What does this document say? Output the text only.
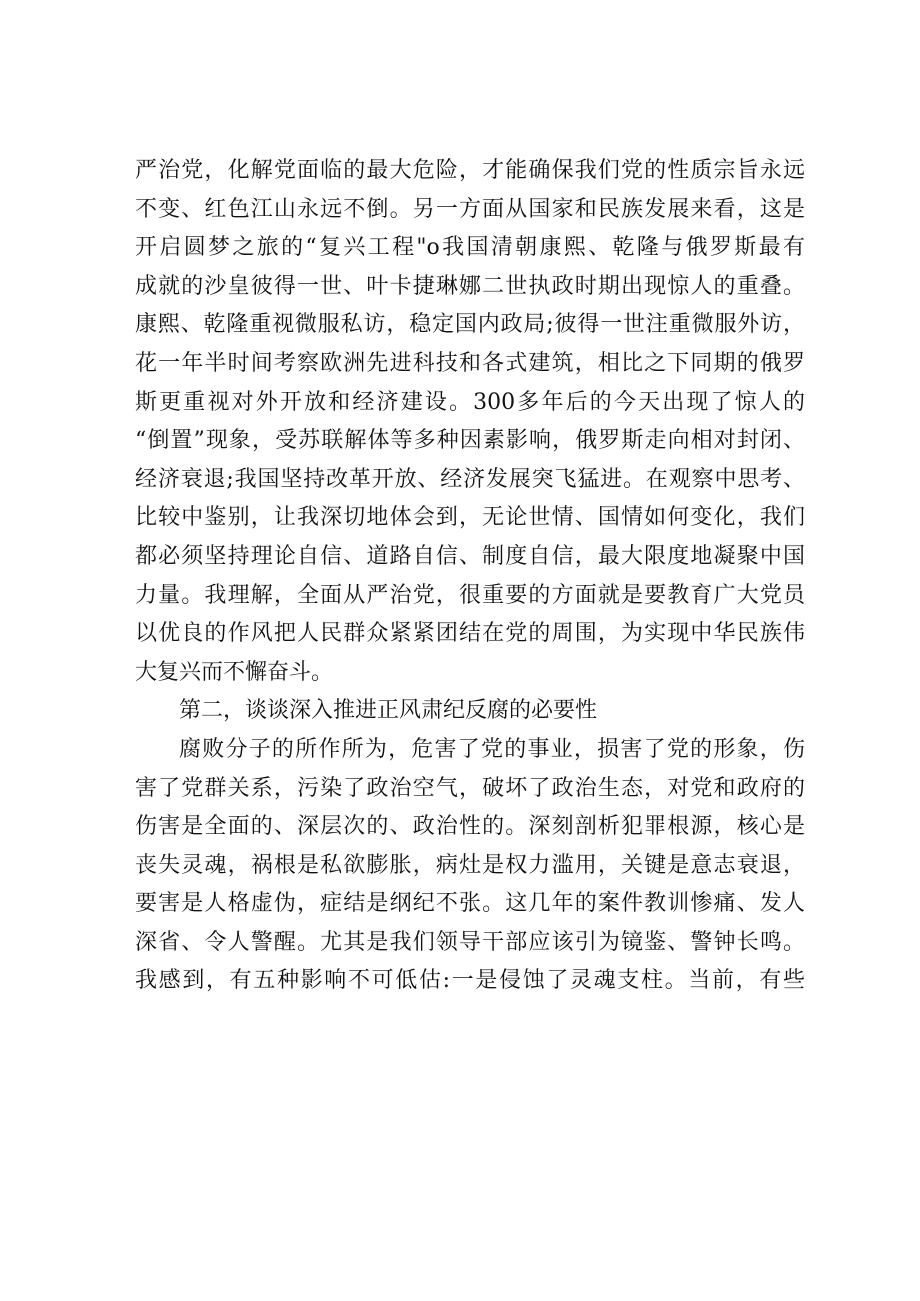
严治党，化解党面临的最大危险，才能确保我们党的性质宗旨永远
不变、红色江山永远不倒。另一方面从国家和民族发展来看，这是
开启圆梦之旅的“复兴工程"o我国清朝康熙、乾隆与俄罗斯最有
成就的沙皇彼得一世、叶卡捷琳娜二世执政时期出现惊人的重叠。
康熙、乾隆重视微服私访，稳定国内政局;彼得一世注重微服外访，
花一年半时间考察欧洲先进科技和各式建筑，相比之下同期的俄罗
斯更重视对外开放和经济建设。300多年后的今天出现了惊人的
“倒置”现象，受苏联解体等多种因素影响，俄罗斯走向相对封闭、
经济衰退;我国坚持改革开放、经济发展突飞猛进。在观察中思考、
比较中鉴别，让我深切地体会到，无论世情、国情如何变化，我们
都必须坚持理论自信、道路自信、制度自信，最大限度地凝聚中国
力量。我理解，全面从严治党，很重要的方面就是要教育广大党员
以优良的作风把人民群众紧紧团结在党的周围，为实现中华民族伟
大复兴而不懈奋斗。
第二，谈谈深入推进正风肃纪反腐的必要性
腐败分子的所作所为，危害了党的事业，损害了党的形象，伤
害了党群关系，污染了政治空气，破坏了政治生态，对党和政府的
伤害是全面的、深层次的、政治性的。深刻剖析犯罪根源，核心是
丧失灵魂，祸根是私欲膨胀，病灶是权力滥用，关键是意志衰退，
要害是人格虚伪，症结是纲纪不张。这几年的案件教训惨痛、发人
深省、令人警醒。尤其是我们领导干部应该引为镜鉴、警钟长鸣。
我感到，有五种影响不可低估:一是侵蚀了灵魂支柱。当前，有些
